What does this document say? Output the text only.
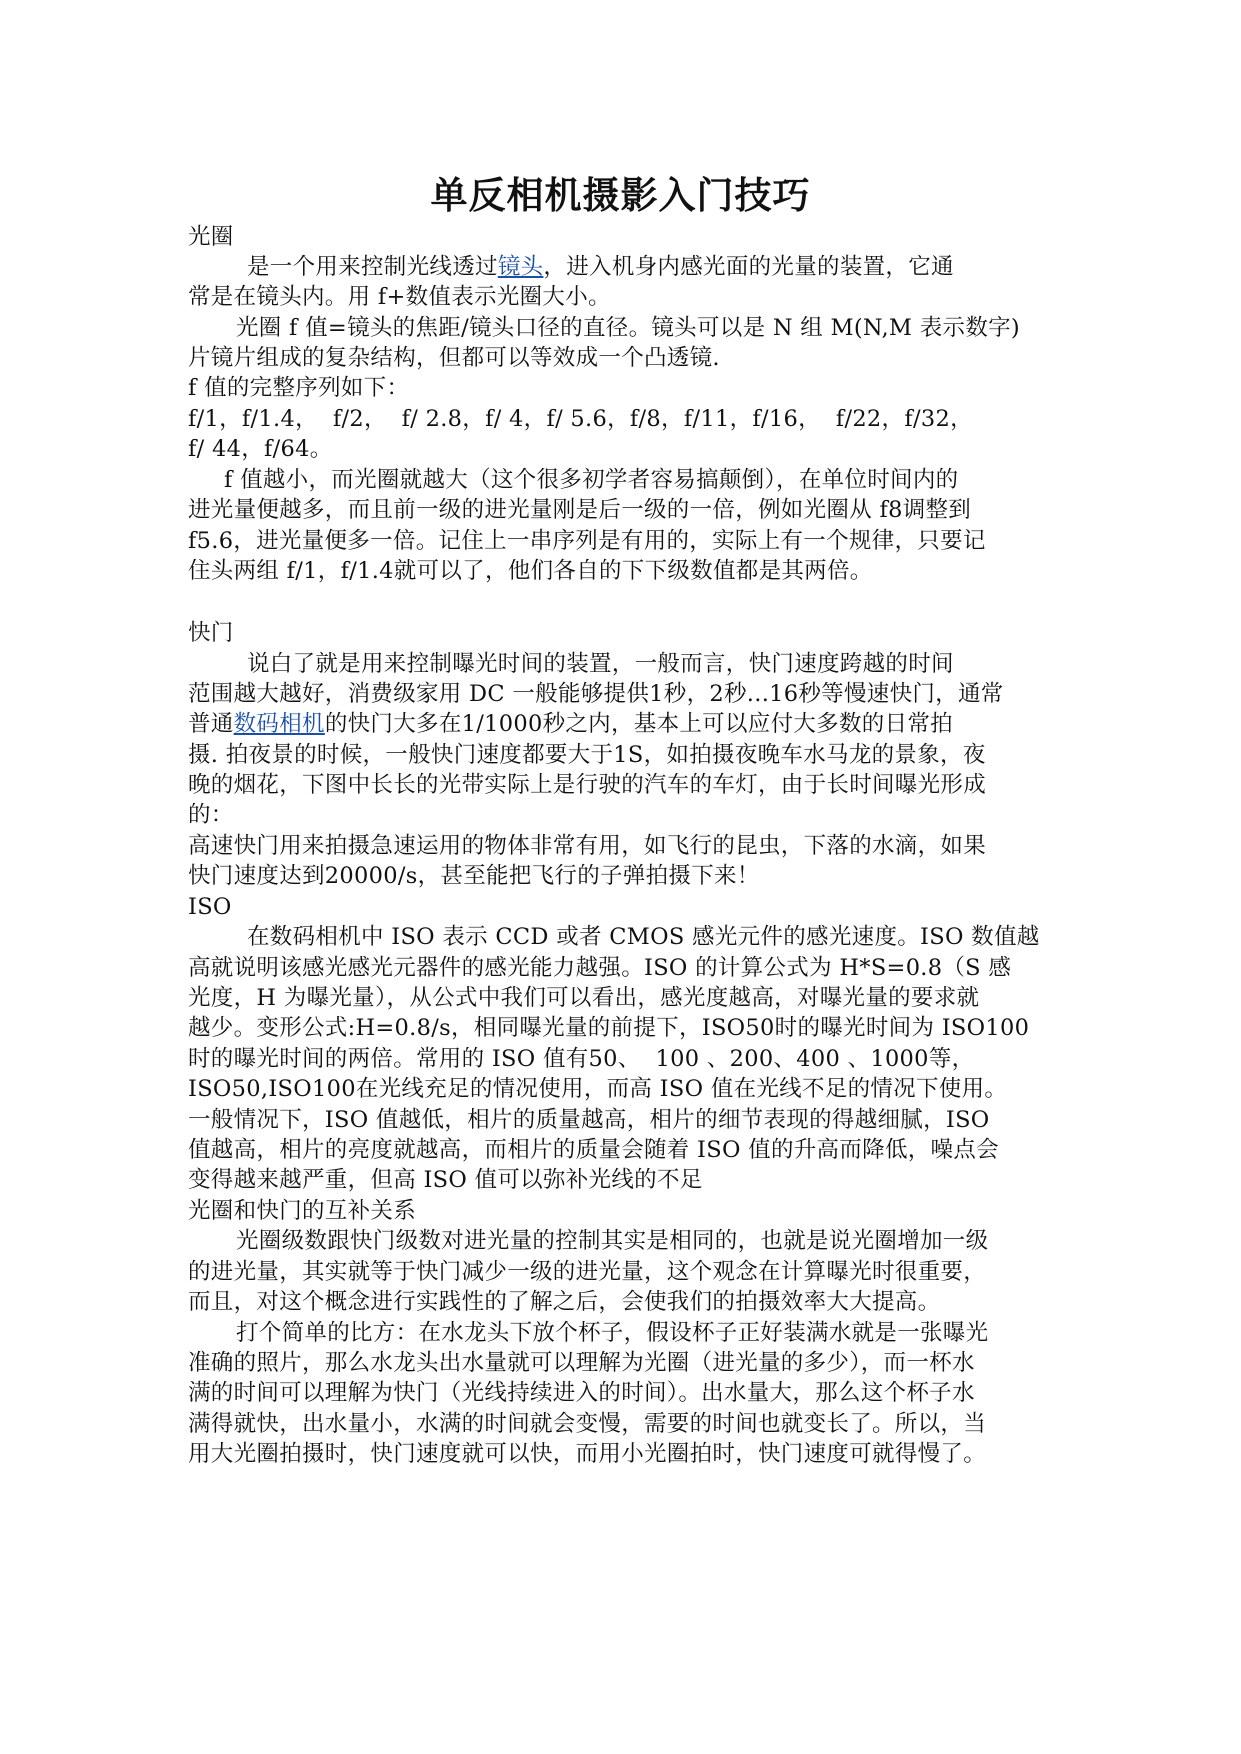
单反相机摄影入门技巧
光圈
是一个用来控制光线透过镜头，进入机身内感光面的光量的装置，它通
常是在镜头内。用 f+数值表示光圈大小。
光圈 f 值=镜头的焦距/镜头口径的直径。镜头可以是 N 组 M(N,M 表示数字)
片镜片组成的复杂结构，但都可以等效成一个凸透镜.
f 值的完整序列如下：
f/1，f/1.4，  f/2，  f/ 2.8，f/ 4，f/ 5.6，f/8，f/11，f/16，  f/22，f/32，
f/ 44，f/64。
f 值越小，而光圈就越大（这个很多初学者容易搞颠倒），在单位时间内的
进光量便越多，而且前一级的进光量刚是后一级的一倍，例如光圈从 f8调整到
f5.6，进光量便多一倍。记住上一串序列是有用的，实际上有一个规律，只要记
住头两组 f/1，f/1.4就可以了，他们各自的下下级数值都是其两倍。
快门
说白了就是用来控制曝光时间的装置，一般而言，快门速度跨越的时间
范围越大越好，消费级家用 DC 一般能够提供1秒，2秒...16秒等慢速快门，通常
普通数码相机的快门大多在1/1000秒之内，基本上可以应付大多数的日常拍
摄. 拍夜景的时候，一般快门速度都要大于1S，如拍摄夜晚车水马龙的景象，夜
晚的烟花，下图中长长的光带实际上是行驶的汽车的车灯，由于长时间曝光形成
的：
高速快门用来拍摄急速运用的物体非常有用，如飞行的昆虫，下落的水滴，如果
快门速度达到20000/s，甚至能把飞行的子弹拍摄下来！
ISO
在数码相机中 ISO 表示 CCD 或者 CMOS 感光元件的感光速度。ISO 数值越
高就说明该感光感光元器件的感光能力越强。ISO 的计算公式为 H*S=0.8（S 感
光度，H 为曝光量），从公式中我们可以看出，感光度越高，对曝光量的要求就
越少。变形公式:H=0.8/s，相同曝光量的前提下，ISO50时的曝光时间为 ISO100
时的曝光时间的两倍。常用的 ISO 值有50、  100 、200、400 、1000等，
ISO50,ISO100在光线充足的情况使用，而高 ISO 值在光线不足的情况下使用。
一般情况下，ISO 值越低，相片的质量越高，相片的细节表现的得越细腻，ISO
值越高，相片的亮度就越高，而相片的质量会随着 ISO 值的升高而降低，噪点会
变得越来越严重，但高 ISO 值可以弥补光线的不足
光圈和快门的互补关系
光圈级数跟快门级数对进光量的控制其实是相同的，也就是说光圈增加一级
的进光量，其实就等于快门减少一级的进光量，这个观念在计算曝光时很重要，
而且，对这个概念进行实践性的了解之后，会使我们的拍摄效率大大提高。
打个简单的比方：在水龙头下放个杯子，假设杯子正好装满水就是一张曝光
准确的照片，那么水龙头出水量就可以理解为光圈（进光量的多少），而一杯水
满的时间可以理解为快门（光线持续进入的时间）。出水量大，那么这个杯子水
满得就快，出水量小，水满的时间就会变慢，需要的时间也就变长了。所以，当
用大光圈拍摄时，快门速度就可以快，而用小光圈拍时，快门速度可就得慢了。
